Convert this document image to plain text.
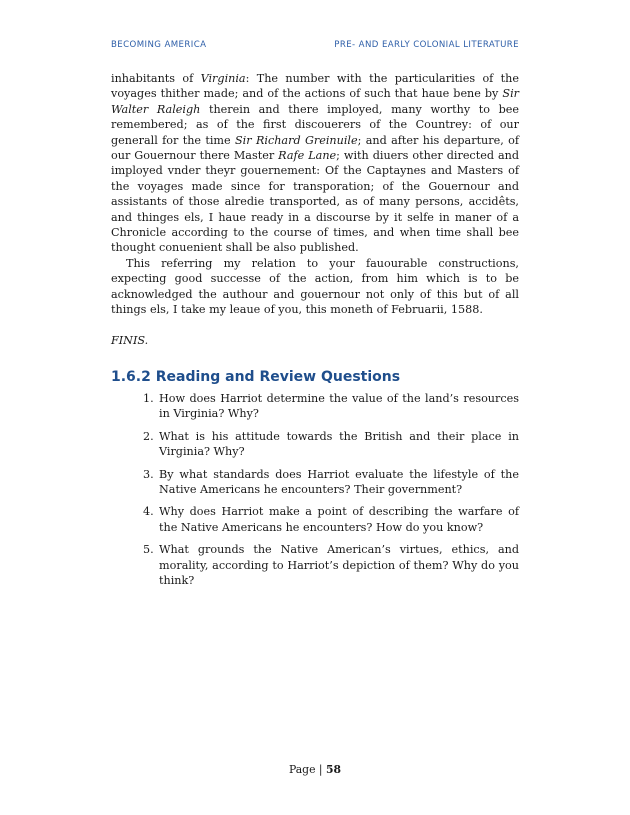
BECOMING AMERICA	PRE- AND EARLY COLONIAL LITERATURE

inhabitants of Virginia: The number with the particularities of the voyages thither made; and of the actions of such that haue bene by Sir Walter Raleigh therein and there imployed, many worthy to bee remembered; as of the first discouerers of the Countrey: of our generall for the time Sir Richard Greinuile; and after his departure, of our Gouernour there Master Rafe Lane; with diuers other directed and imployed vnder theyr gouernement: Of the Captaynes and Masters of the voyages made since for transporation; of the Gouernour and assistants of those alredie transported, as of many persons, accidêts, and thinges els, I haue ready in a discourse by it selfe in maner of a Chronicle according to the course of times, and when time shall bee thought conuenient shall be also published.

This referring my relation to your fauourable constructions, expecting good successe of the action, from him which is to be acknowledged the authour and gouernour not only of this but of all things els, I take my leaue of you, this moneth of Februarii, 1588.

FINIS.

1.6.2 Reading and Review Questions
1. How does Harriot determine the value of the land’s resources in Virginia? Why?
2. What is his attitude towards the British and their place in Virginia? Why?
3. By what standards does Harriot evaluate the lifestyle of the Native Americans he encounters? Their government?
4. Why does Harriot make a point of describing the warfare of the Native Americans he encounters? How do you know?
5. What grounds the Native American’s virtues, ethics, and morality, according to Harriot’s depiction of them? Why do you think?
Page | 58
